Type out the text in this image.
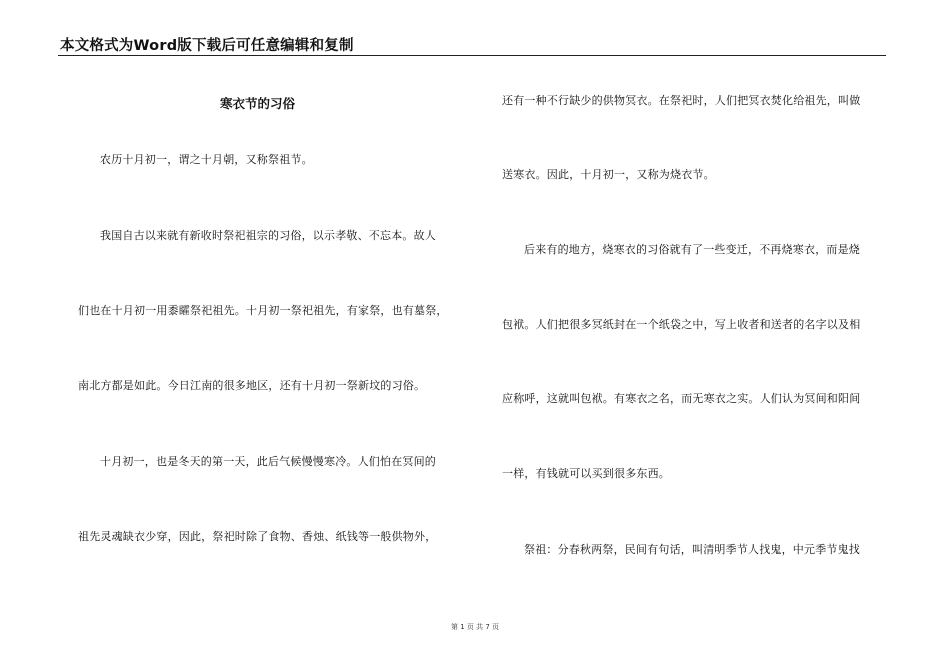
本文格式为Word版下载后可任意编辑和复制
寒衣节的习俗
农历十月初一，谓之十月朝，又称祭祖节。
我国自古以来就有新收时祭祀祖宗的习俗，以示孝敬、不忘本。故人
们也在十月初一用黍矐祭祀祖先。十月初一祭祀祖先，有家祭，也有墓祭，
南北方都是如此。今日江南的很多地区，还有十月初一祭新坟的习俗。
十月初一，也是冬天的第一天，此后气候慢慢寒冷。人们怕在冥间的
祖先灵魂缺衣少穿，因此，祭祀时除了食物、香烛、纸钱等一般供物外，
还有一种不行缺少的供物冥衣。在祭祀时，人们把冥衣焚化给祖先，叫做
送寒衣。因此，十月初一，又称为烧衣节。
后来有的地方，烧寒衣的习俗就有了一些变迁，不再烧寒衣，而是烧
包袱。人们把很多冥纸封在一个纸袋之中，写上收者和送者的名字以及相
应称呼，这就叫包袱。有寒衣之名，而无寒衣之实。人们认为冥间和阳间
一样，有钱就可以买到很多东西。
祭祖：分春秋两祭，民间有句话，叫清明季节人找鬼，中元季节鬼找
第 1 页 共 7 页
